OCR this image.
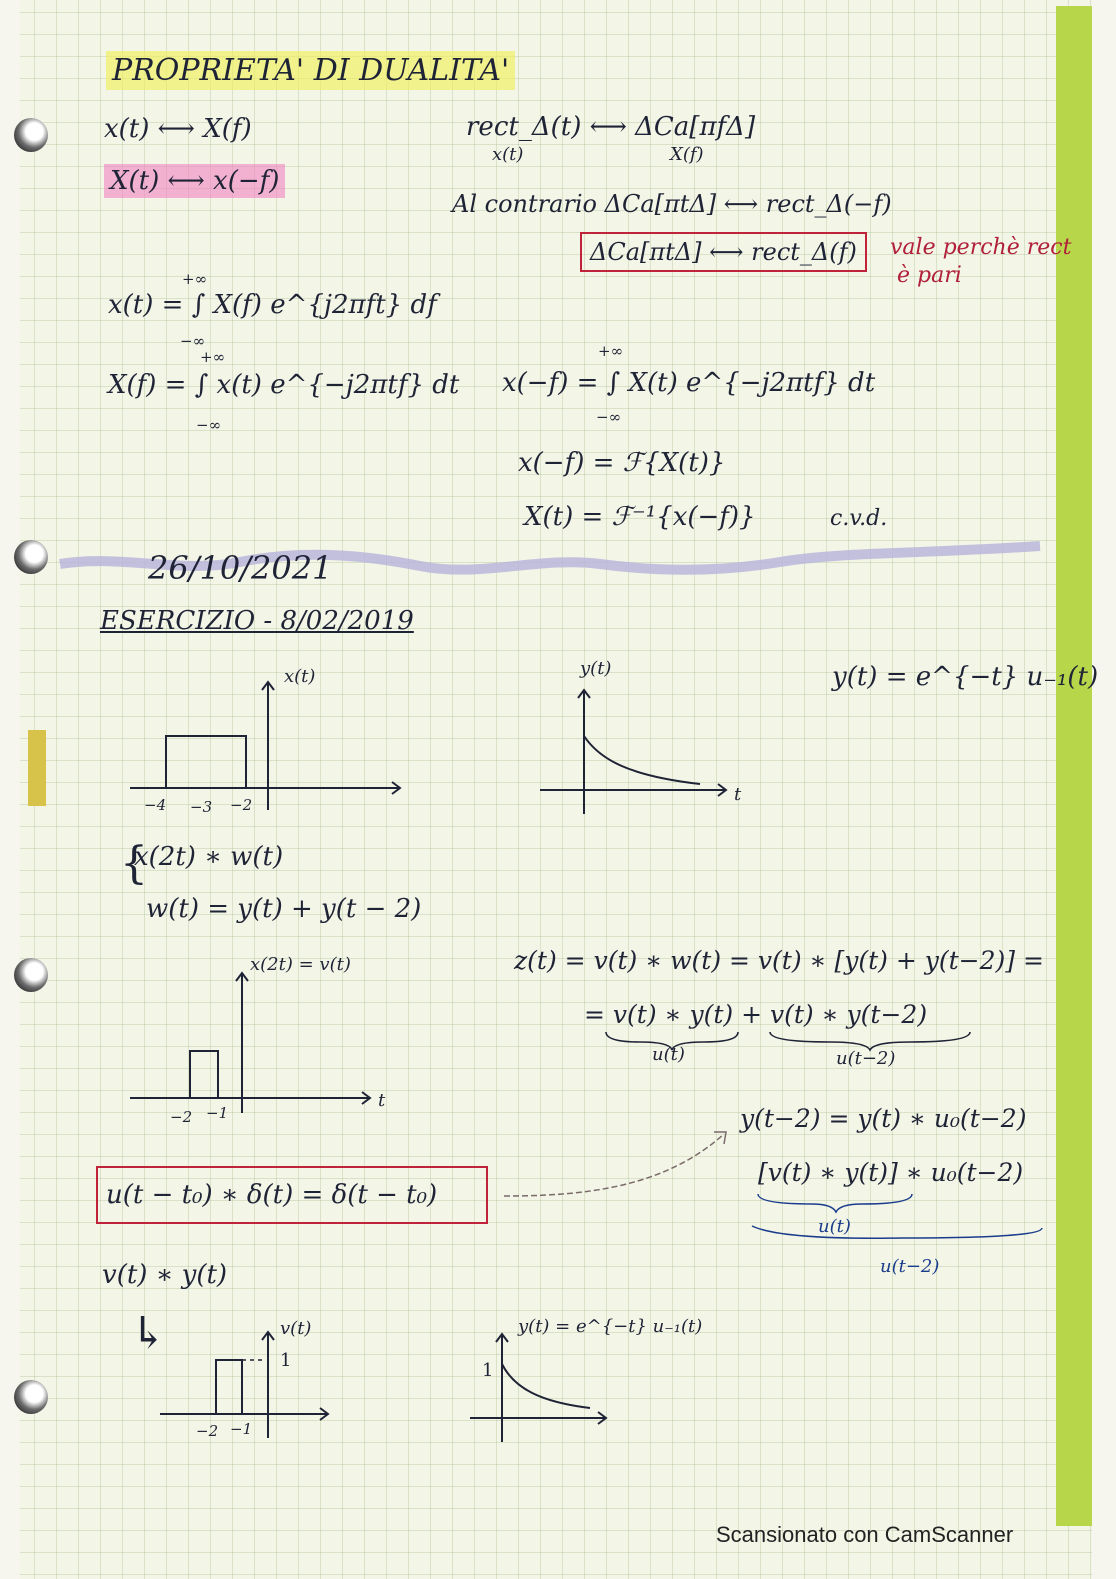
PROPRIETA' DI DUALITA'
x(t) ⟷ X(f)
X(t) ⟷ x(−f)
rect_Δ(t) ⟷ ΔCa[πfΔ]
x(t)	X(f)
Al contrario ΔCa[πtΔ] ⟷ rect_Δ(−f)
ΔCa[πtΔ] ⟷ rect_Δ(f)	vale perchè rect
è pari
+∞
x(t) = ∫ X(f) e^{j2πft} df
−∞
+∞
X(f) = ∫ x(t) e^{−j2πtf} dt
−∞
+∞
x(−f) = ∫ X(t) e^{−j2πtf} dt
−∞
x(−f) = ℱ{X(t)}
X(t) = ℱ⁻¹{x(−f)}	c.v.d.
26/10/2021
ESERCIZIO - 8/02/2019
x(t)
−4 −3 −2
y(t)
t
y(t) = e^{−t} u₋₁(t)
{
x(2t) ∗ w(t)
w(t) = y(t) + y(t − 2)
x(2t) = v(t)
t
−2 −1
z(t) = v(t) ∗ w(t) = v(t) ∗ [y(t) + y(t−2)] =
= v(t) ∗ y(t) + v(t) ∗ y(t−2)
u(t)	u(t−2)
u(t − t₀) ∗ δ(t) = δ(t − t₀)
y(t−2) = y(t) ∗ u₀(t−2)
[v(t) ∗ y(t)] ∗ u₀(t−2)
u(t)
u(t−2)
v(t) ∗ y(t)
↳	v(t)
1
−2 −1
y(t) = e^{−t} u₋₁(t)
1
Scansionato con CamScanner
